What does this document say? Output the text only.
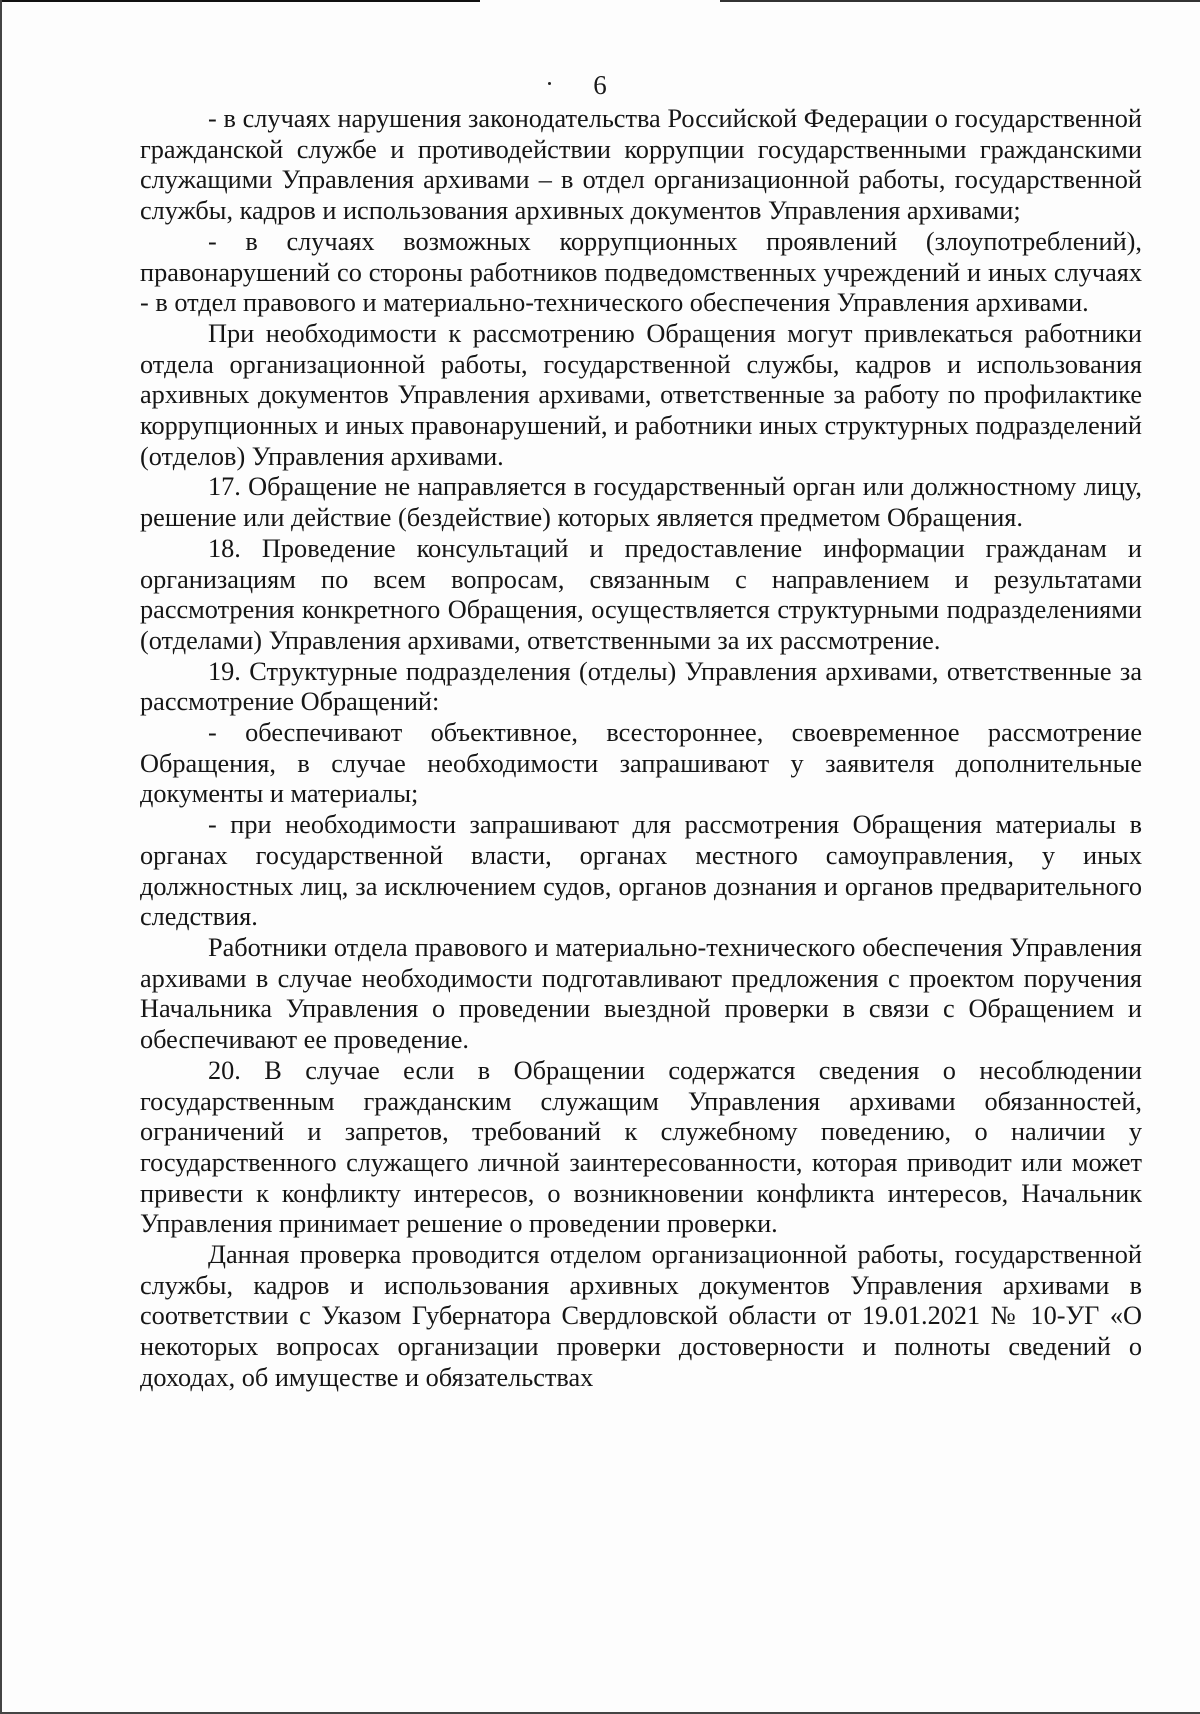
6

- в случаях нарушения законодательства Российской Федерации о государственной гражданской службе и противодействии коррупции государственными гражданскими служащими Управления архивами – в отдел организационной работы, государственной службы, кадров и использования архивных документов Управления архивами;

- в случаях возможных коррупционных проявлений (злоупотреблений), правонарушений со стороны работников подведомственных учреждений и иных случаях - в отдел правового и материально-технического обеспечения Управления архивами.

При необходимости к рассмотрению Обращения могут привлекаться работники отдела организационной работы, государственной службы, кадров и использования архивных документов Управления архивами, ответственные за работу по профилактике коррупционных и иных правонарушений, и работники иных структурных подразделений (отделов) Управления архивами.

17. Обращение не направляется в государственный орган или должностному лицу, решение или действие (бездействие) которых является предметом Обращения.

18. Проведение консультаций и предоставление информации гражданам и организациям по всем вопросам, связанным с направлением и результатами рассмотрения конкретного Обращения, осуществляется структурными подразделениями (отделами) Управления архивами, ответственными за их рассмотрение.

19. Структурные подразделения (отделы) Управления архивами, ответственные за рассмотрение Обращений:

- обеспечивают объективное, всестороннее, своевременное рассмотрение Обращения, в случае необходимости запрашивают у заявителя дополнительные документы и материалы;

- при необходимости запрашивают для рассмотрения Обращения материалы в органах государственной власти, органах местного самоуправления, у иных должностных лиц, за исключением судов, органов дознания и органов предварительного следствия.

Работники отдела правового и материально-технического обеспечения Управления архивами в случае необходимости подготавливают предложения с проектом поручения Начальника Управления о проведении выездной проверки в связи с Обращением и обеспечивают ее проведение.

20. В случае если в Обращении содержатся сведения о несоблюдении государственным гражданским служащим Управления архивами обязанностей, ограничений и запретов, требований к служебному поведению, о наличии у государственного служащего личной заинтересованности, которая приводит или может привести к конфликту интересов, о возникновении конфликта интересов, Начальник Управления принимает решение о проведении проверки.

Данная проверка проводится отделом организационной работы, государственной службы, кадров и использования архивных документов Управления архивами в соответствии с Указом Губернатора Свердловской области от 19.01.2021 № 10-УГ «О некоторых вопросах организации проверки достоверности и полноты сведений о доходах, об имуществе и обязательствах
